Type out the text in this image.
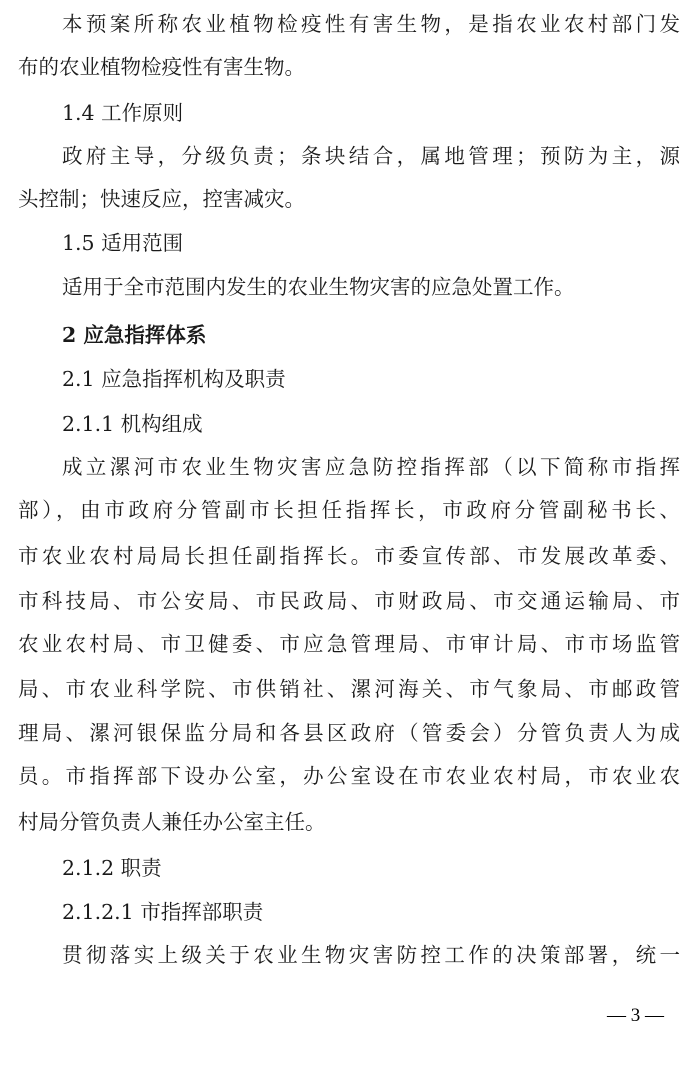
本预案所称农业植物检疫性有害生物，是指农业农村部门发
布的农业植物检疫性有害生物。
1.4 工作原则
政府主导，分级负责；条块结合，属地管理；预防为主，源
头控制；快速反应，控害减灾。
1.5 适用范围
适用于全市范围内发生的农业生物灾害的应急处置工作。
2 应急指挥体系
2.1 应急指挥机构及职责
2.1.1 机构组成
成立漯河市农业生物灾害应急防控指挥部（以下简称市指挥
部），由市政府分管副市长担任指挥长，市政府分管副秘书长、
市农业农村局局长担任副指挥长。市委宣传部、市发展改革委、
市科技局、市公安局、市民政局、市财政局、市交通运输局、市
农业农村局、市卫健委、市应急管理局、市审计局、市市场监管
局、市农业科学院、市供销社、漯河海关、市气象局、市邮政管
理局、漯河银保监分局和各县区政府（管委会）分管负责人为成
员。市指挥部下设办公室，办公室设在市农业农村局，市农业农
村局分管负责人兼任办公室主任。
2.1.2 职责
2.1.2.1 市指挥部职责
贯彻落实上级关于农业生物灾害防控工作的决策部署，统一
— 3 —
